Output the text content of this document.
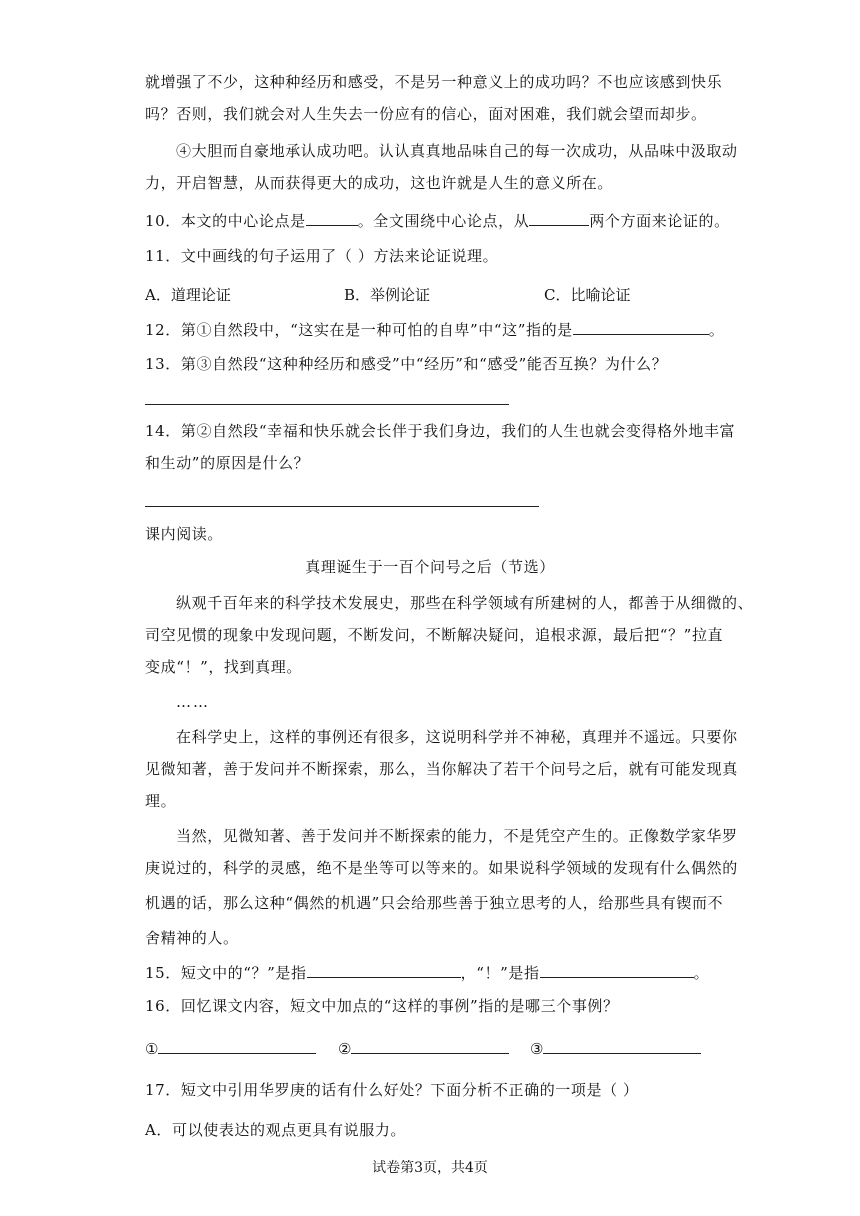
就增强了不少，这种种经历和感受，不是另一种意义上的成功吗？不也应该感到快乐
吗？否则，我们就会对人生失去一份应有的信心，面对困难，我们就会望而却步。
④大胆而自豪地承认成功吧。认认真真地品味自己的每一次成功，从品味中汲取动
力，开启智慧，从而获得更大的成功，这也许就是人生的意义所在。
10．本文的中心论点是	。全文围绕中心论点，从	两个方面来论证的。
11．文中画线的句子运用了（ ）方法来论证说理。
A．道理论证	B．举例论证	C．比喻论证
12．第①自然段中，“这实在是一种可怕的自卑”中“这”指的是	。
13．第③自然段“这种种经历和感受”中“经历”和“感受”能否互换？为什么？
14．第②自然段“幸福和快乐就会长伴于我们身边，我们的人生也就会变得格外地丰富
和生动”的原因是什么？
课内阅读。
真理诞生于一百个问号之后（节选）
纵观千百年来的科学技术发展史，那些在科学领域有所建树的人，都善于从细微的、
司空见惯的现象中发现问题，不断发问，不断解决疑问，追根求源，最后把“？”拉直
变成“！”，找到真理。
……
在科学史上，这样的事例还有很多，这说明科学并不神秘，真理并不遥远。只要你
见微知著，善于发问并不断探索，那么，当你解决了若干个问号之后，就有可能发现真
理。
当然，见微知著、善于发问并不断探索的能力，不是凭空产生的。正像数学家华罗
庚说过的，科学的灵感，绝不是坐等可以等来的。如果说科学领域的发现有什么偶然的
机遇的话，那么这种“偶然的机遇”只会给那些善于独立思考的人，给那些具有锲而不
舍精神的人。
15．短文中的“？”是指	，“！”是指	。
16．回忆课文内容，短文中加点的“这样的事例”指的是哪三个事例？
①	②	③
17．短文中引用华罗庚的话有什么好处？下面分析不正确的一项是（ ）
A．可以使表达的观点更具有说服力。
试卷第3页，共4页
